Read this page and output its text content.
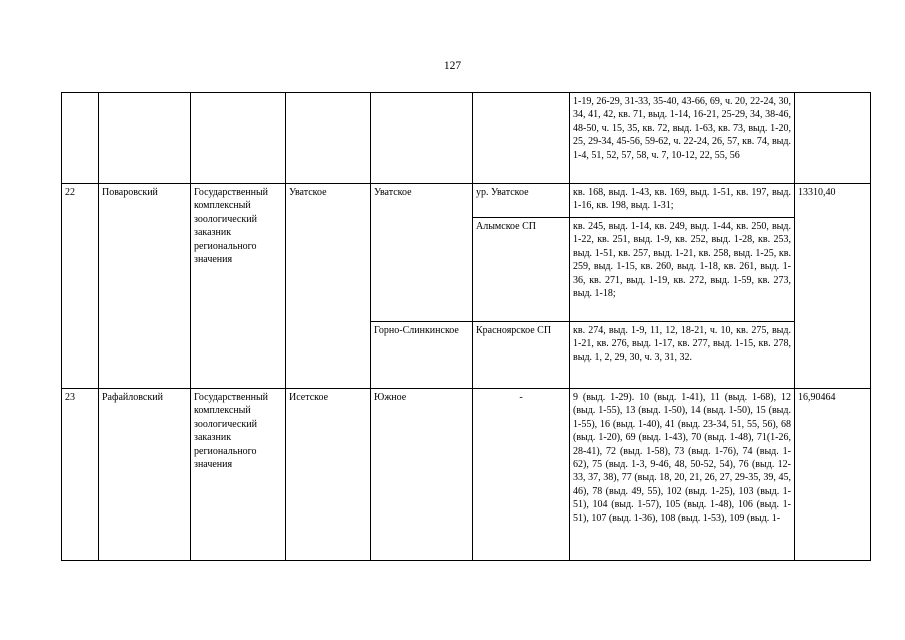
127
						1-19, 26-29, 31-33, 35-40, 43-66, 69, ч. 20, 22-24, 30, 34, 41, 42, кв. 71, выд. 1-14, 16-21, 25-29, 34, 38-46, 48-50, ч. 15, 35, кв. 72, выд. 1-63, кв. 73, выд. 1-20, 25, 29-34, 45-56, 59-62, ч. 22-24, 26, 57, кв. 74, выд. 1-4, 51, 52, 57, 58, ч. 7, 10-12, 22, 55, 56	
22	Поваровский	Государственный комплексный зоологический заказник регионального значения	Уватское	Уватское	ур. Уватское	кв. 168, выд. 1-43, кв. 169, выд. 1-51, кв. 197, выд. 1-16, кв. 198, выд. 1-31;	13310,40
					Алымское СП	кв. 245, выд. 1-14, кв. 249, выд. 1-44, кв. 250, выд. 1-22, кв. 251, выд. 1-9, кв. 252, выд. 1-28, кв. 253, выд. 1-51, кв. 257, выд. 1-21, кв. 258, выд. 1-25, кв. 259, выд. 1-15, кв. 260, выд. 1-18, кв. 261, выд. 1-36, кв. 271, выд. 1-19, кв. 272, выд. 1-59, кв. 273, выд. 1-18;	
				Горно-Слинкинское	Красноярское СП	кв. 274, выд. 1-9, 11, 12, 18-21, ч. 10, кв. 275, выд. 1-21, кв. 276, выд. 1-17, кв. 277, выд. 1-15, кв. 278, выд. 1, 2, 29, 30, ч. 3, 31, 32.	
23	Рафайловский	Государственный комплексный зоологический заказник регионального значения	Исетское	Южное	-	9 (выд. 1-29). 10 (выд. 1-41), 11 (выд. 1-68), 12 (выд. 1-55), 13 (выд. 1-50), 14 (выд. 1-50), 15 (выд. 1-55), 16 (выд. 1-40), 41 (выд. 23-34, 51, 55, 56), 68 (выд. 1-20), 69 (выд. 1-43), 70 (выд. 1-48), 71(1-26, 28-41), 72 (выд. 1-58), 73 (выд. 1-76), 74 (выд. 1-62), 75 (выд. 1-3, 9-46, 48, 50-52, 54), 76 (выд. 12-33, 37, 38), 77 (выд. 18, 20, 21, 26, 27, 29-35, 39, 45, 46), 78 (выд. 49, 55), 102 (выд. 1-25), 103 (выд. 1-51), 104 (выд. 1-57), 105 (выд. 1-48), 106 (выд. 1-51), 107 (выд. 1-36), 108 (выд. 1-53), 109 (выд. 1-	16,90464
